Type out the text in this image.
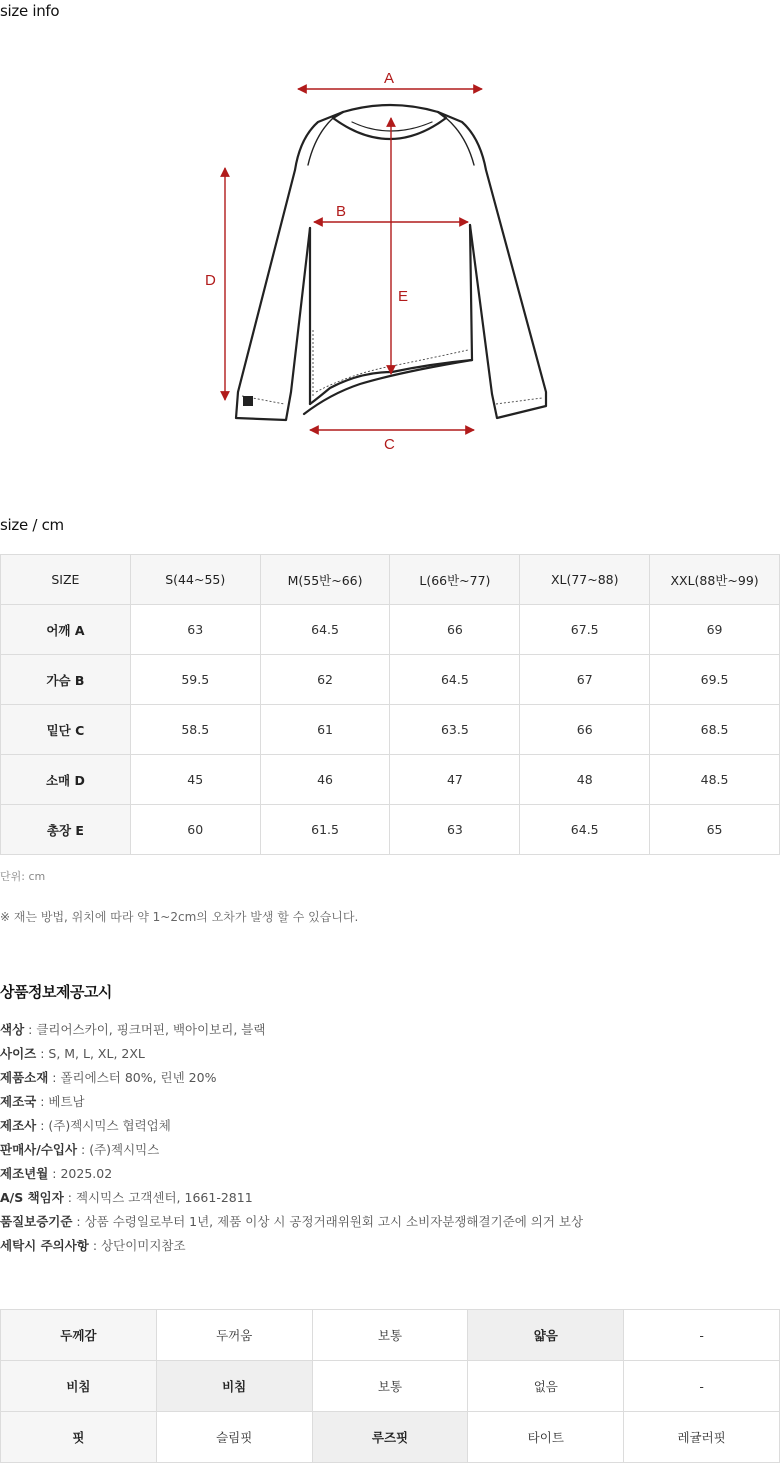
size info
A
B
C
D
E
size / cm
SIZE	S(44~55)	M(55반~66)	L(66반~77)	XL(77~88)	XXL(88반~99)
어깨 A	63	64.5	66	67.5	69
가슴 B	59.5	62	64.5	67	69.5
밑단 C	58.5	61	63.5	66	68.5
소매 D	45	46	47	48	48.5
총장 E	60	61.5	63	64.5	65
단위: cm
※ 재는 방법, 위치에 따라 약 1~2cm의 오차가 발생 할 수 있습니다.
상품정보제공고시
색상 : 클리어스카이, 핑크머핀, 백아이보리, 블랙
사이즈 : S, M, L, XL, 2XL
제품소재 : 폴리에스터 80%, 린넨 20%
제조국 : 베트남
제조사 : (주)젝시믹스 협력업체
판매사/수입사 : (주)젝시믹스
제조년월 : 2025.02
A/S 책임자 : 젝시믹스 고객센터, 1661-2811
품질보증기준 : 상품 수령일로부터 1년, 제품 이상 시 공정거래위원회 고시 소비자분쟁해결기준에 의거 보상
세탁시 주의사항 : 상단이미지참조
두께감	두꺼움	보통	얇음	-
비침	비침	보통	없음	-
핏	슬림핏	루즈핏	타이트	레귤러핏
